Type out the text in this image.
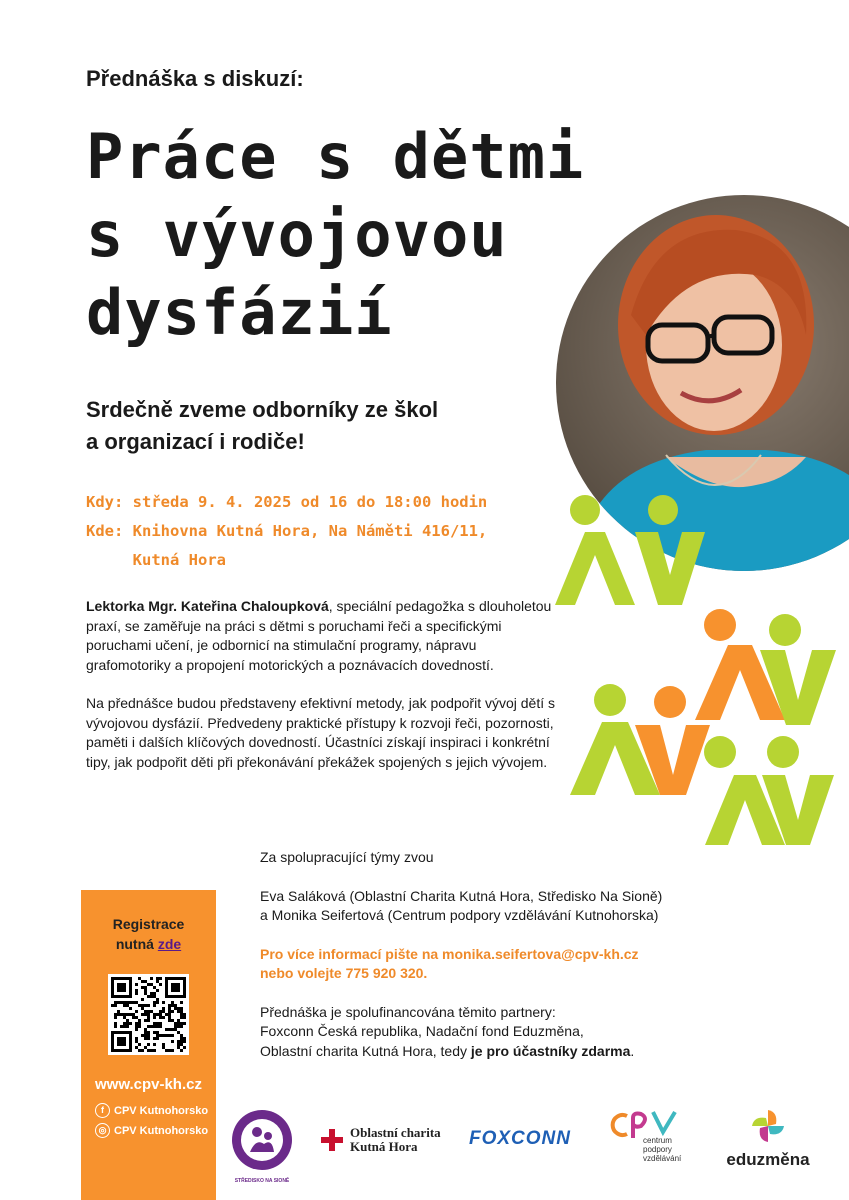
Přednáška s diskuzí:
Práce s dětmi
s vývojovou
dysfázií
Srdečně zveme odborníky ze škol
a organizací i rodiče!
Kdy: středa 9. 4. 2025 od 16 do 18:00 hodin
Kde: Knihovna Kutná Hora, Na Náměti 416/11,
Kutná Hora

Lektorka Mgr. Kateřina Chaloupková, speciální pedagožka s dlouholetou praxí, se zaměřuje na práci s dětmi s poruchami řeči a specifickými poruchami učení, je odbornicí na stimulační programy, nápravu grafomotoriky a propojení motorických a poznávacích dovedností.

Na přednášce budou představeny efektivní metody, jak podpořit vývoj dětí s vývojovou dysfázií. Předvedeny praktické přístupy k rozvoji řeči, pozornosti, paměti i dalších klíčových dovedností. Účastníci získají inspiraci i konkrétní tipy, jak podpořit děti při překonávání překážek spojených s jejich vývojem.

Za spolupracující týmy zvou

Eva Saláková (Oblastní Charita Kutná Hora, Středisko Na Sioně)
a Monika Seifertová (Centrum podpory vzdělávání Kutnohorska)

Pro více informací pište na monika.seifertova@cpv-kh.cz
nebo volejte 775 920 320.

Přednáška je spolufinancována těmito partnery:
Foxconn Česká republika, Nadační fond Eduzměna,
Oblastní charita Kutná Hora, tedy je pro účastníky zdarma.

Registrace
nutná zde
www.cpv-kh.cz
f CPV Kutnohorsko
◎ CPV Kutnohorsko
STŘEDISKO NA SIONĚ
Oblastní charita
Kutná Hora	FOXCONN	centrum
podpory
vzdělávání	eduzměna
